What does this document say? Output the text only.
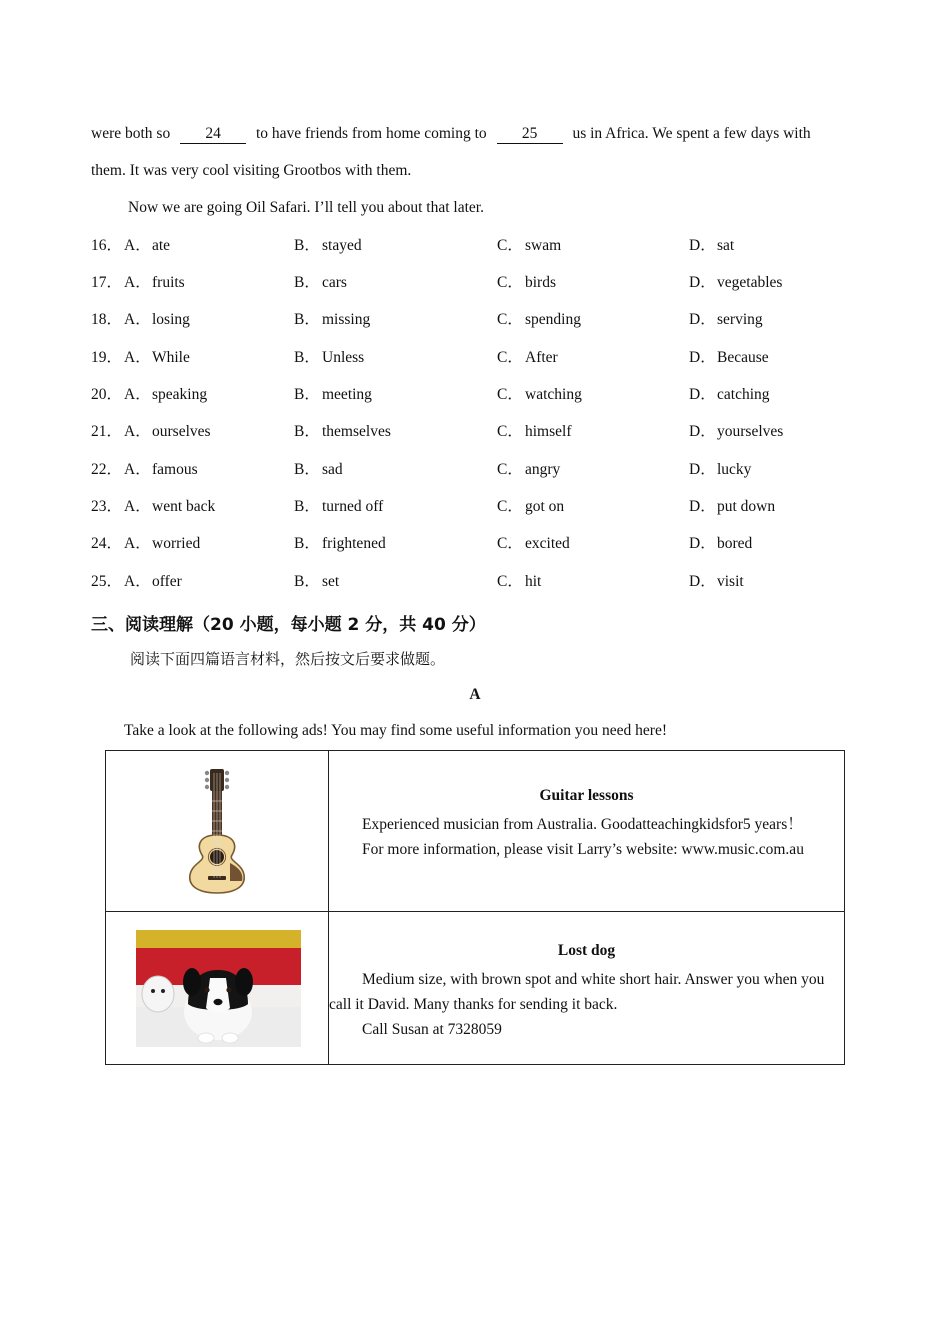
were both so 24 to have friends from home coming to 25 us in Africa. We spent a few days with
them. It was very cool visiting Grootbos with them.
Now we are going Oil Safari. I’ll tell you about that later.
16． A．ate	B． stayed	C． swam	D．sat
17． A．fruits	B． cars	C． birds	D．vegetables
18． A．losing	B． missing	C． spending	D．serving
19． A．While	B． Unless	C． After	D．Because
20． A．speaking	B． meeting	C． watching	D．catching
21． A．ourselves	B． themselves	C． himself	D．yourselves
22． A．famous	B． sad	C． angry	D．lucky
23． A．went back	B． turned off	C． got on	D．put down
24． A．worried	B． frightened	C． excited	D．bored
25． A．offer	B． set	C． hit	D．visit
三、阅读理解（20 小题，每小题 2 分，共 40 分）
阅读下面四篇语言材料，然后按文后要求做题。
A
Take a look at the following ads! You may find some useful information you need here!

Guitar lessons
Experienced musician from Australia. Goodatteachingkidsfor5 years！
For more information, please visit Larry’s website: www.music.com.au

Lost dog
Medium size, with brown spot and white short hair. Answer you when you call it David. Many thanks for sending it back.
Call Susan at 7328059
